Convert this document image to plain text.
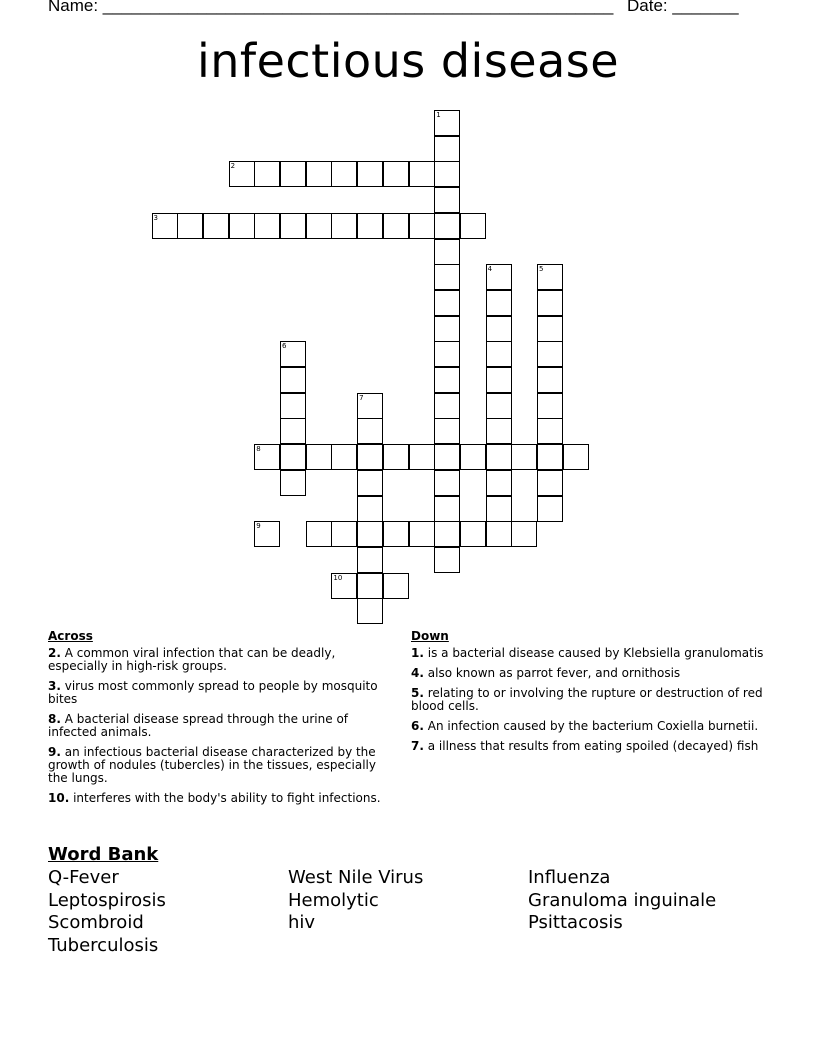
Name: ______________________________________________________ Date: _______
infectious disease
1
2
3
4	5
6
7
8
9
10
Across
2. A common viral infection that can be deadly, especially in high-risk groups.
3. virus most commonly spread to people by mosquito bites
8. A bacterial disease spread through the urine of infected animals.
9. an infectious bacterial disease characterized by the growth of nodules (tubercles) in the tissues, especially the lungs.
10. interferes with the body's ability to fight infections.
Down
1. is a bacterial disease caused by Klebsiella granulomatis
4. also known as parrot fever, and ornithosis
5. relating to or involving the rupture or destruction of red blood cells.
6. An infection caused by the bacterium Coxiella burnetii.
7. a illness that results from eating spoiled (decayed) fish
Word Bank
Q-Fever	West Nile Virus	Influenza
Leptospirosis	Hemolytic	Granuloma inguinale
Scombroid	hiv	Psittacosis
Tuberculosis
